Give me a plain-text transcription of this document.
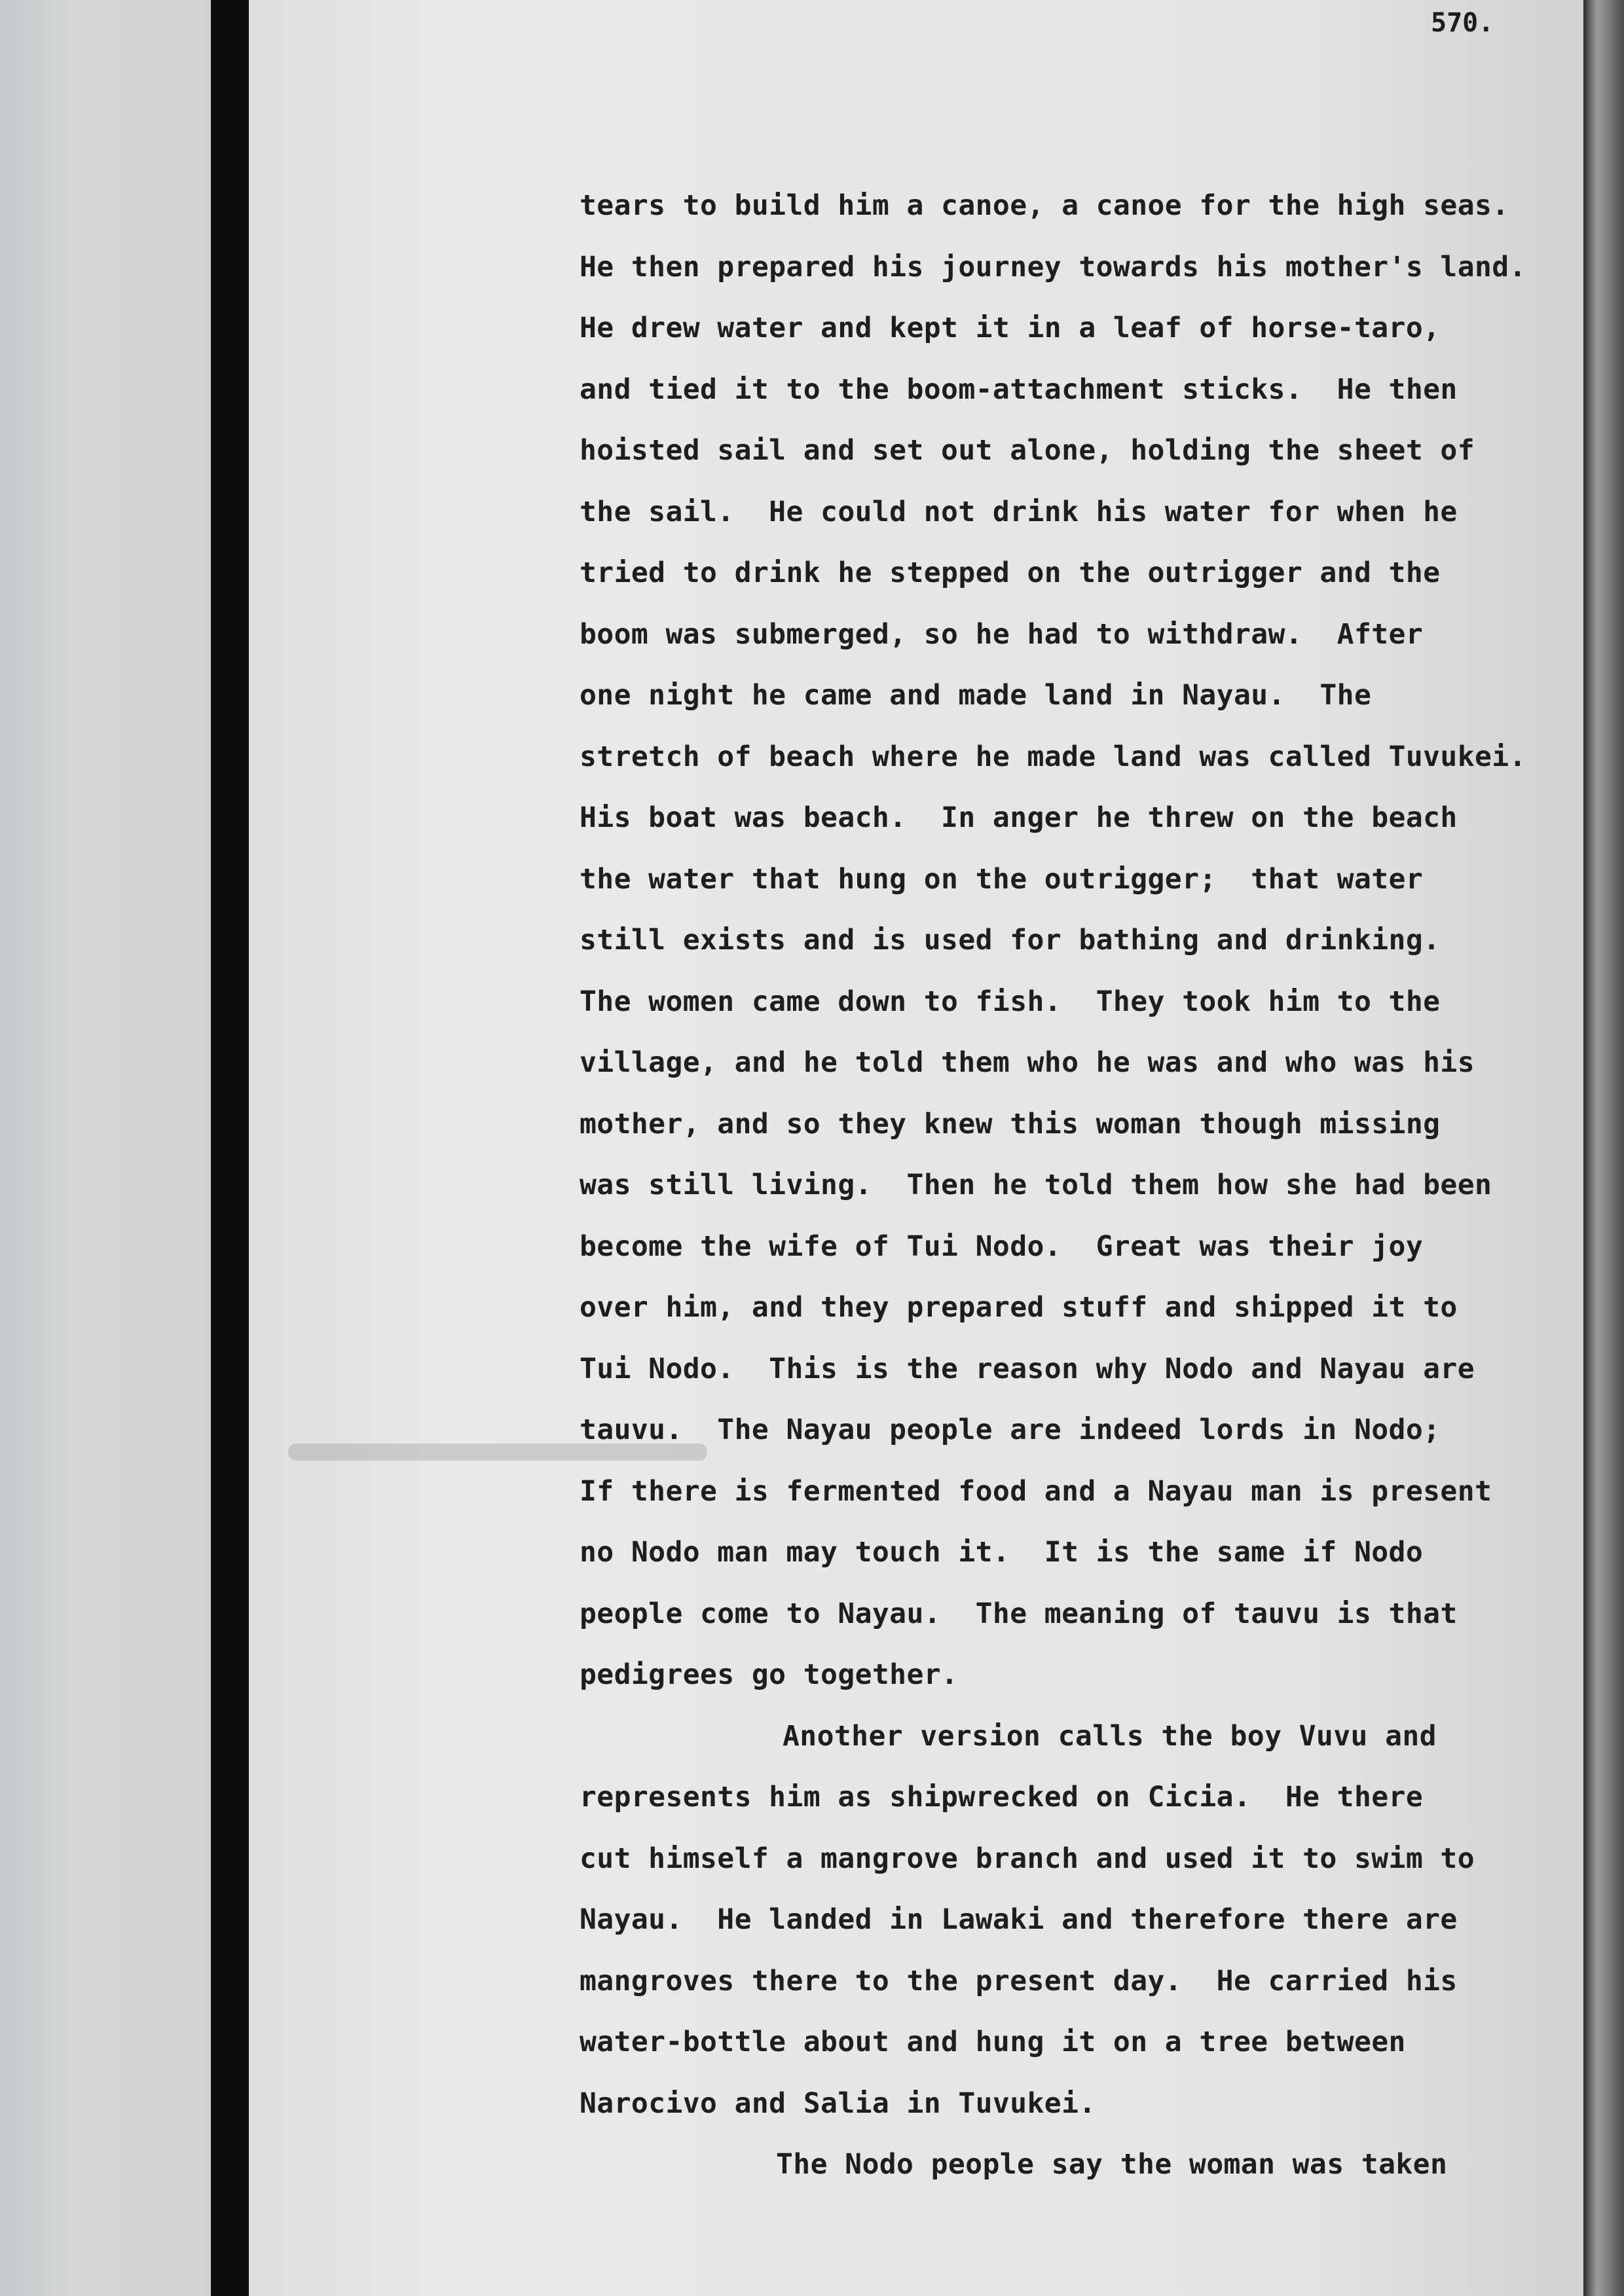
570.
tears to build him a canoe, a canoe for the high seas.
He then prepared his journey towards his mother's land.
He drew water and kept it in a leaf of horse-taro,
and tied it to the boom-attachment sticks.  He then
hoisted sail and set out alone, holding the sheet of
the sail.  He could not drink his water for when he
tried to drink he stepped on the outrigger and the
boom was submerged, so he had to withdraw.  After
one night he came and made land in Nayau.  The
stretch of beach where he made land was called Tuvukei.
His boat was beach.  In anger he threw on the beach
the water that hung on the outrigger;  that water
still exists and is used for bathing and drinking.
The women came down to fish.  They took him to the
village, and he told them who he was and who was his
mother, and so they knew this woman though missing
was still living.  Then he told them how she had been
become the wife of Tui Nodo.  Great was their joy
over him, and they prepared stuff and shipped it to
Tui Nodo.  This is the reason why Nodo and Nayau are
tauvu.  The Nayau people are indeed lords in Nodo;
If there is fermented food and a Nayau man is present
no Nodo man may touch it.  It is the same if Nodo
people come to Nayau.  The meaning of tauvu is that
pedigrees go together.
Another version calls the boy Vuvu and
represents him as shipwrecked on Cicia.  He there
cut himself a mangrove branch and used it to swim to
Nayau.  He landed in Lawaki and therefore there are
mangroves there to the present day.  He carried his
water-bottle about and hung it on a tree between
Narocivo and Salia in Tuvukei.
The Nodo people say the woman was taken
